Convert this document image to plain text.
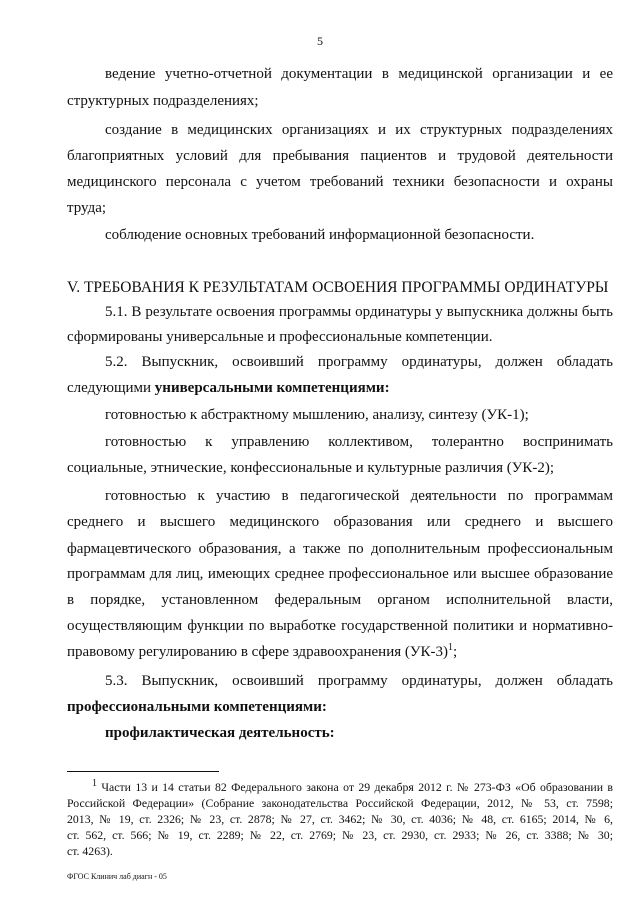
5
ведение учетно-отчетной документации в медицинской организации и ее
структурных подразделениях;
создание в медицинских организациях и их структурных подразделениях
благоприятных условий для пребывания пациентов и трудовой деятельности
медицинского персонала с учетом требований техники безопасности и охраны
труда;
соблюдение основных требований информационной безопасности.
V. ТРЕБОВАНИЯ К РЕЗУЛЬТАТАМ ОСВОЕНИЯ ПРОГРАММЫ ОРДИНАТУРЫ
5.1. В результате освоения программы ординатуры у выпускника должны быть
сформированы универсальные и профессиональные компетенции.
5.2. Выпускник, освоивший программу ординатуры, должен обладать
следующими универсальными компетенциями:
готовностью к абстрактному мышлению, анализу, синтезу (УК-1);
готовностью к управлению коллективом, толерантно воспринимать
социальные, этнические, конфессиональные и культурные различия (УК-2);
готовностью к участию в педагогической деятельности по программам
среднего и высшего медицинского образования или среднего и высшего
фармацевтического образования, а также по дополнительным профессиональным
программам для лиц, имеющих среднее профессиональное или высшее образование
в порядке, установленном федеральным органом исполнительной власти,
осуществляющим функции по выработке государственной политики и нормативно-
правовому регулированию в сфере здравоохранения $(УК-3)^1$;
5.3. Выпускник, освоивший программу ординатуры, должен обладать
профессиональными компетенциями:
профилактическая деятельность:
$^1$ Части 13 и 14 статьи 82 Федерального закона от 29 декабря 2012 г. № 273-ФЗ «Об образовании в
Российской Федерации» (Собрание законодательства Российской Федерации, 2012, № 53, ст. 7598;
2013, № 19, ст. 2326; № 23, ст. 2878; № 27, ст. 3462; № 30, ст. 4036; № 48, ст. 6165; 2014, № 6,
ст. 562, ст. 566; № 19, ст. 2289; № 22, ст. 2769; № 23, ст. 2930, ст. 2933; № 26, ст. 3388; № 30;
ст. 4263).
ФГОС Клинич лаб диагн - 05
